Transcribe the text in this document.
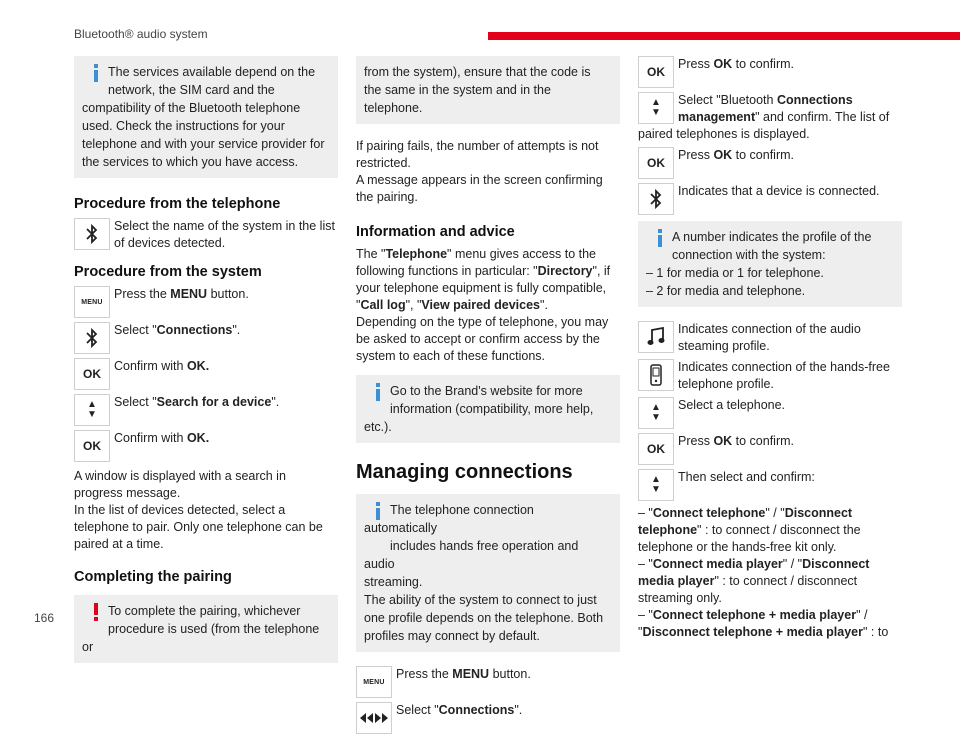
Bluetooth® audio system

The services available depend on the

network, the SIM card and the

compatibility of the Bluetooth telephone used. Check the instructions for your telephone and with your service provider for the services to which you have access.

Procedure from the telephone
Select the name of the system in the list of devices detected.
Procedure from the system
MENU
Press the MENU button.
Select "Connections".
OK
Confirm with OK.
▲
▼
Select "Search for a device".
OK
Confirm with OK.

A window is displayed with a search in progress message.

In the list of devices detected, select a telephone to pair. Only one telephone can be paired at a time.

Completing the pairing

To complete the pairing, whichever

procedure is used (from the telephone or

from the system), ensure that the code is the same in the system and in the telephone.

If pairing fails, the number of attempts is not restricted.

A message appears in the screen confirming the pairing.

Information and advice

The "Telephone" menu gives access to the following functions in particular: "Directory", if your telephone equipment is fully compatible, "Call log", "View paired devices".

Depending on the type of telephone, you may be asked to accept or confirm access by the system to each of these functions.

Go to the Brand's website for more

information (compatibility, more help,

etc.).

Managing connections

The telephone connection automatically

includes hands free operation and audio

streaming.

The ability of the system to connect to just one profile depends on the telephone. Both profiles may connect by default.

MENU
Press the MENU button.
Select "Connections".
OK
Press OK to confirm.
▲
▼
Select "Bluetooth Connections management" and confirm. The list of paired telephones is displayed.
OK
Press OK to confirm.
Indicates that a device is connected.

A number indicates the profile of the

connection with the system:

– 1 for media or 1 for telephone.

– 2 for media and telephone.

Indicates connection of the audio steaming profile.
Indicates connection of the hands-free telephone profile.
▲
▼
Select a telephone.
OK
Press OK to confirm.
▲
▼
Then select and confirm:

– "Connect telephone" / "Disconnect telephone" : to connect / disconnect the telephone or the hands-free kit only.

– "Connect media player" / "Disconnect media player" : to connect / disconnect streaming only.

– "Connect telephone + media player" / "Disconnect telephone + media player" : to

166
